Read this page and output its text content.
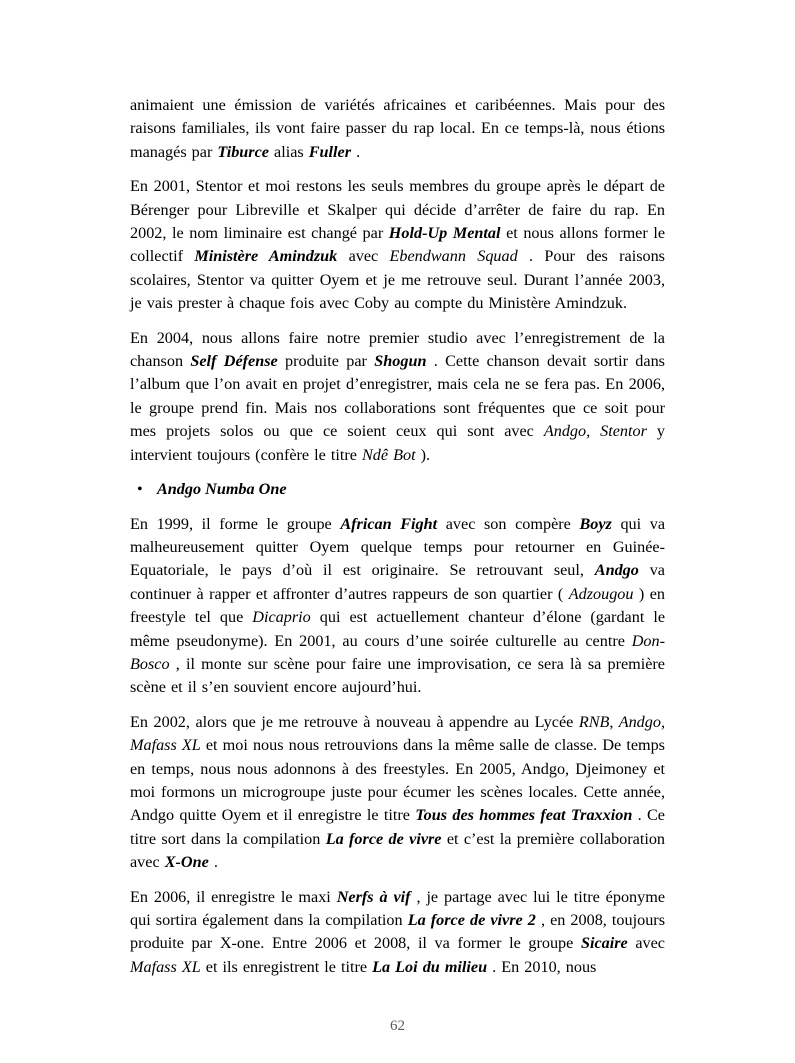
animaient une émission de variétés africaines et caribéennes. Mais pour des raisons familiales, ils vont faire passer du rap local. En ce temps-là, nous étions managés par Tiburce alias Fuller .

En 2001, Stentor et moi restons les seuls membres du groupe après le départ de Bérenger pour Libreville et Skalper qui décide d’arrêter de faire du rap. En 2002, le nom liminaire est changé par Hold-Up Mental et nous allons former le collectif Ministère Amindzuk avec Ebendwann Squad . Pour des raisons scolaires, Stentor va quitter Oyem et je me retrouve seul. Durant l’année 2003, je vais prester à chaque fois avec Coby au compte du Ministère Amindzuk.

En 2004, nous allons faire notre premier studio avec l’enregistrement de la chanson Self Défense produite par Shogun . Cette chanson devait sortir dans l’album que l’on avait en projet d’enregistrer, mais cela ne se fera pas. En 2006, le groupe prend fin. Mais nos collaborations sont fréquentes que ce soit pour mes projets solos ou que ce soient ceux qui sont avec Andgo, Stentor y intervient toujours (confère le titre Ndê Bot ).

• Andgo Numba One

En 1999, il forme le groupe African Fight avec son compère Boyz qui va malheureusement quitter Oyem quelque temps pour retourner en Guinée-Equatoriale, le pays d’où il est originaire. Se retrouvant seul, Andgo va continuer à rapper et affronter d’autres rappeurs de son quartier ( Adzougou ) en freestyle tel que Dicaprio qui est actuellement chanteur d’élone (gardant le même pseudonyme). En 2001, au cours d’une soirée culturelle au centre Don-Bosco , il monte sur scène pour faire une improvisation, ce sera là sa première scène et il s’en souvient encore aujourd’hui.

En 2002, alors que je me retrouve à nouveau à appendre au Lycée RNB, Andgo, Mafass XL et moi nous nous retrouvions dans la même salle de classe. De temps en temps, nous nous adonnons à des freestyles. En 2005, Andgo, Djeimoney et moi formons un microgroupe juste pour écumer les scènes locales. Cette année, Andgo quitte Oyem et il enregistre le titre Tous des hommes feat Traxxion . Ce titre sort dans la compilation La force de vivre et c’est la première collaboration avec X-One .

En 2006, il enregistre le maxi Nerfs à vif , je partage avec lui le titre éponyme qui sortira également dans la compilation La force de vivre 2 , en 2008, toujours produite par X-one. Entre 2006 et 2008, il va former le groupe Sicaire avec Mafass XL et ils enregistrent le titre La Loi du milieu . En 2010, nous

62
